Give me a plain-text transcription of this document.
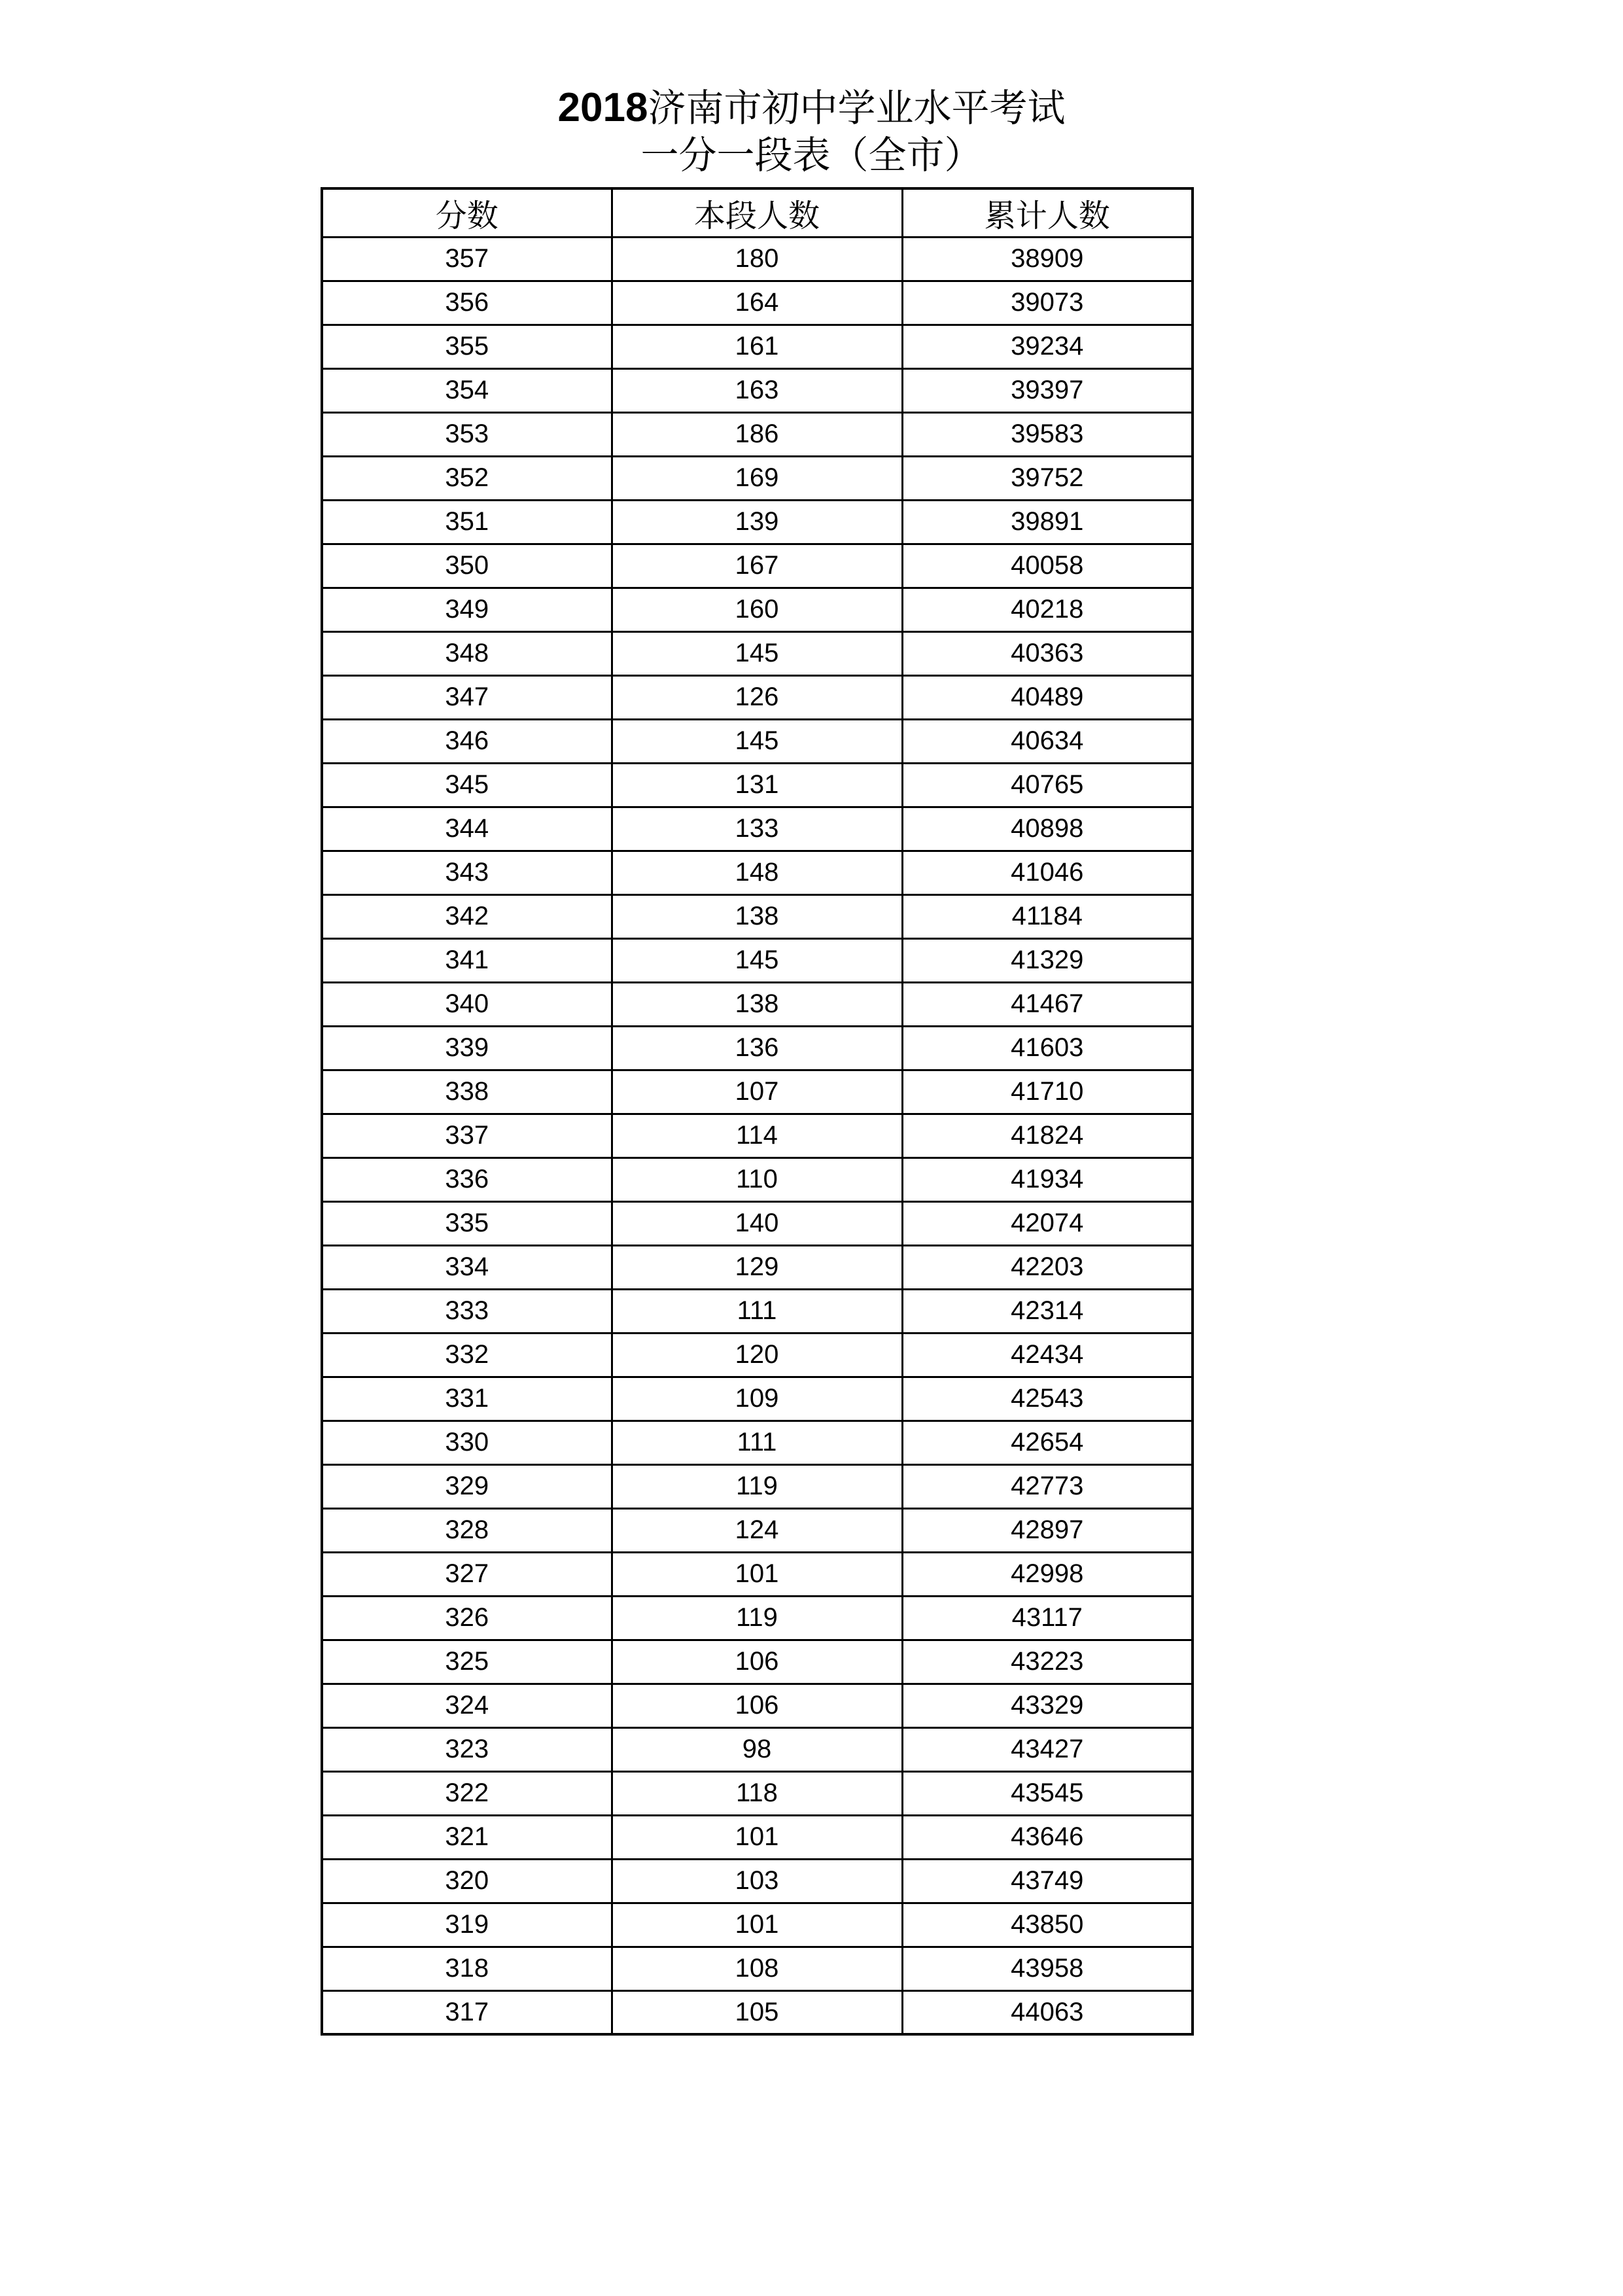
2018济南市初中学业水平考试
一分一段表（全市）
分数	本段人数	累计人数
357	180	38909
356	164	39073
355	161	39234
354	163	39397
353	186	39583
352	169	39752
351	139	39891
350	167	40058
349	160	40218
348	145	40363
347	126	40489
346	145	40634
345	131	40765
344	133	40898
343	148	41046
342	138	41184
341	145	41329
340	138	41467
339	136	41603
338	107	41710
337	114	41824
336	110	41934
335	140	42074
334	129	42203
333	111	42314
332	120	42434
331	109	42543
330	111	42654
329	119	42773
328	124	42897
327	101	42998
326	119	43117
325	106	43223
324	106	43329
323	98	43427
322	118	43545
321	101	43646
320	103	43749
319	101	43850
318	108	43958
317	105	44063
